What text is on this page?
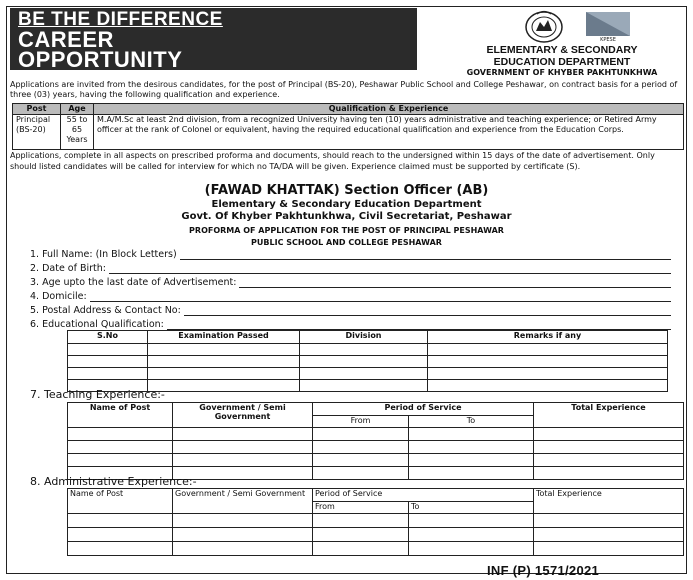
BE THE DIFFERENCE
CAREER
OPPORTUNITY
KPESE
ELEMENTARY & SECONDARY
EDUCATION DEPARTMENT
GOVERNMENT OF KHYBER PAKHTUNKHWA
Applications are invited from the desirous candidates, for the post of Principal (BS-20), Peshawar Public School and College Peshawar, on contract basis for a period of three (03) years, having the following qualification and experience.
Post	Age	Qualification & Experience
Principal (BS-20)	55 to 65 Years	M.A/M.Sc at least 2nd division, from a recognized University having ten (10) years administrative and teaching experience; or Retired Army officer at the rank of Colonel or equivalent, having the required educational qualification and experience from the Education Corps.
Applications, complete in all aspects on prescribed proforma and documents, should reach to the undersigned within 15 days of the date of advertisement. Only should listed candidates will be called for interview for which no TA/DA will be given. Experience claimed must be supported by certificate (S).
(FAWAD KHATTAK) Section Officer (AB)
Elementary & Secondary Education Department
Govt. Of Khyber Pakhtunkhwa, Civil Secretariat, Peshawar
PROFORMA OF APPLICATION FOR THE POST OF PRINCIPAL PESHAWAR
PUBLIC SCHOOL AND COLLEGE PESHAWAR
1. Full Name: (In Block Letters)
2. Date of Birth:
3. Age upto the last date of Advertisement:
4. Domicile:
5. Postal Address & Contact No:
6. Educational Qualification:
S.No	Examination Passed	Division	Remarks if any

7. Teaching Experience:-
Name of Post	Government / Semi Government	Period of Service		Total Experience
		From	To	

8. Administrative Experience:-
Name of Post	Government / Semi Government	Period of Service		Total Experience
		From	To	

INF (P) 1571/2021
